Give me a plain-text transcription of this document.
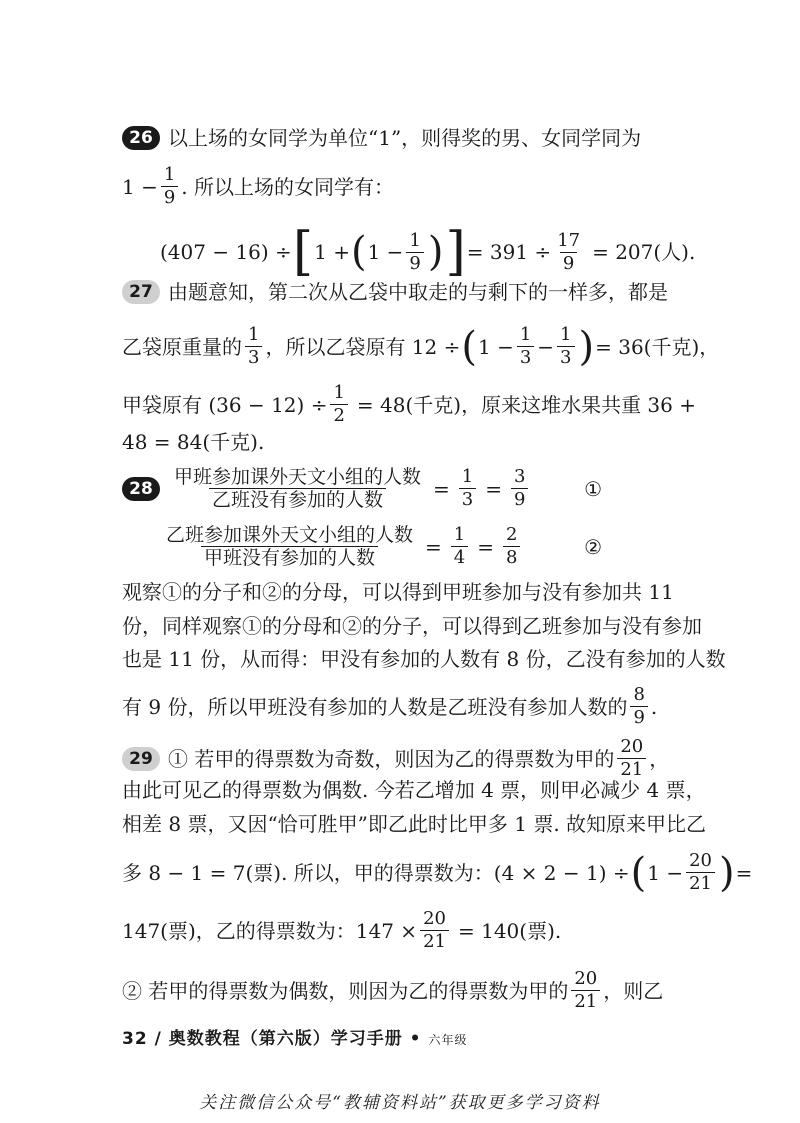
26 以上场的女同学为单位“1”，则得奖的男、女同学同为
$1 - \frac{1}{9}$ . 所以上场的女同学有：
(407 − 16) ÷ [ 1 + ( $1 - \frac{1}{9}$ ) ] = $391 \div \frac{17}{9} = 207$(人).
27 由题意知，第二次从乙袋中取走的与剩下的一样多，都是
乙袋原重量的 $\frac{1}{3}$ ，所以乙袋原有 12 ÷ ( $1 - \frac{1}{3} - \frac{1}{3}$ ) = 36(千克)，
甲袋原有 $(36 - 12) \div \frac{1}{2} = 48$(千克)，原来这堆水果共重 36 +
48 = 84(千克).
$28 \frac{\text{甲班参加课外天文小组的人数}}{\text{乙班没有参加的人数}} = \frac{1}{3} = \frac{3}{9}$	①
$\frac{\text{乙班参加课外天文小组的人数}}{\text{甲班没有参加的人数}} = \frac{1}{4} = \frac{2}{8}$	②
观察①的分子和②的分母，可以得到甲班参加与没有参加共 11
份，同样观察①的分母和②的分子，可以得到乙班参加与没有参加
也是 11 份，从而得：甲没有参加的人数有 8 份，乙没有参加的人数
有 9 份，所以甲班没有参加的人数是乙班没有参加人数的 $\frac{8}{9}$ .
29 ① 若甲的得票数为奇数，则因为乙的得票数为甲的 $\frac{20}{21}$ ，
由此可见乙的得票数为偶数. 今若乙增加 4 票，则甲必减少 4 票，
相差 8 票，又因“恰可胜甲”即乙此时比甲多 1 票. 故知原来甲比乙
多 8 − 1 = 7(票). 所以，甲的得票数为：(4 × 2 − 1) ÷ ( $1 - \frac{20}{21}$ ) =
147(票)，乙的得票数为：$147 \times \frac{20}{21} = 140$(票).
② 若甲的得票数为偶数，则因为乙的得票数为甲的 $\frac{20}{21}$ ，则乙
32 / 奥数教程（第六版）学习手册 • 六年级
关注微信公众号“教辅资料站”获取更多学习资料
